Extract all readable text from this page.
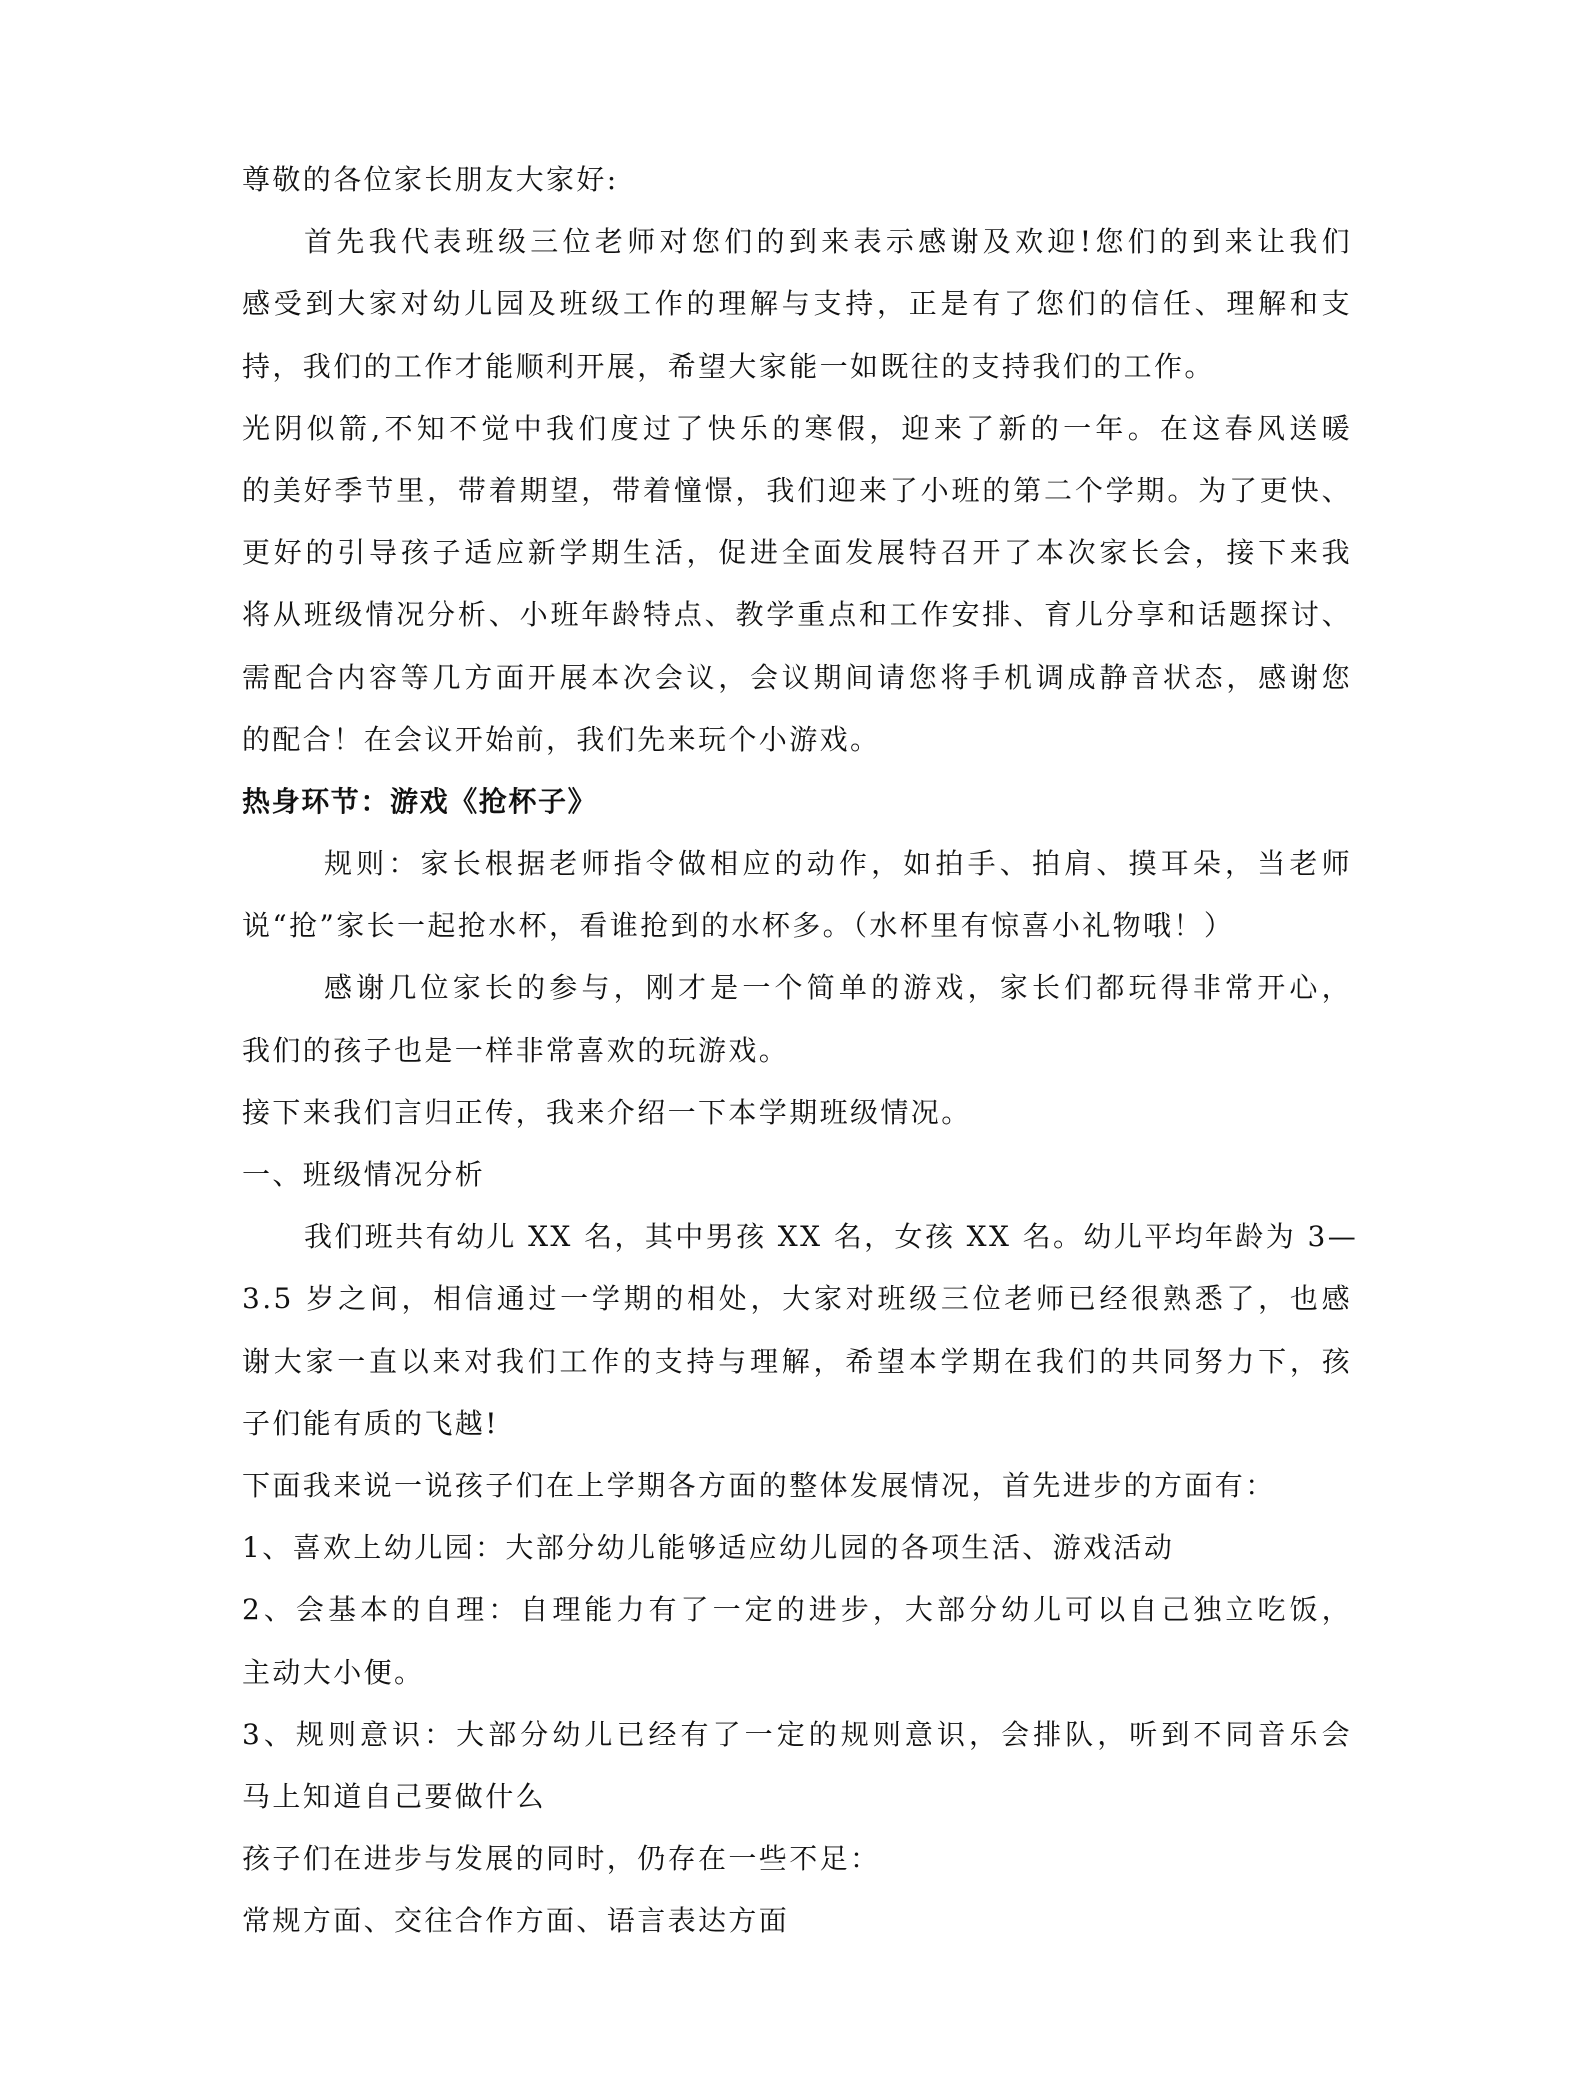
尊敬的各位家长朋友大家好:
首先我代表班级三位老师对您们的到来表示感谢及欢迎!您们的到来让我们
感受到大家对幼儿园及班级工作的理解与支持，正是有了您们的信任、理解和支
持，我们的工作才能顺利开展，希望大家能一如既往的支持我们的工作。
光阴似箭,不知不觉中我们度过了快乐的寒假，迎来了新的一年。在这春风送暖
的美好季节里，带着期望，带着憧憬，我们迎来了小班的第二个学期。为了更快、
更好的引导孩子适应新学期生活，促进全面发展特召开了本次家长会，接下来我
将从班级情况分析、小班年龄特点、教学重点和工作安排、育儿分享和话题探讨、
需配合内容等几方面开展本次会议，会议期间请您将手机调成静音状态，感谢您
的配合！在会议开始前，我们先来玩个小游戏。
热身环节：游戏《抢杯子》
规则：家长根据老师指令做相应的动作，如拍手、拍肩、摸耳朵，当老师
说“抢”家长一起抢水杯，看谁抢到的水杯多。（水杯里有惊喜小礼物哦！）
感谢几位家长的参与，刚才是一个简单的游戏，家长们都玩得非常开心，
我们的孩子也是一样非常喜欢的玩游戏。
接下来我们言归正传，我来介绍一下本学期班级情况。
一、班级情况分析
我们班共有幼儿 XX 名，其中男孩 XX 名，女孩 XX 名。幼儿平均年龄为 3—
3.5 岁之间，相信通过一学期的相处，大家对班级三位老师已经很熟悉了，也感
谢大家一直以来对我们工作的支持与理解，希望本学期在我们的共同努力下，孩
子们能有质的飞越!
下面我来说一说孩子们在上学期各方面的整体发展情况，首先进步的方面有：
1、喜欢上幼儿园：大部分幼儿能够适应幼儿园的各项生活、游戏活动
2、会基本的自理：自理能力有了一定的进步，大部分幼儿可以自己独立吃饭，
主动大小便。
3、规则意识：大部分幼儿已经有了一定的规则意识，会排队，听到不同音乐会
马上知道自己要做什么
孩子们在进步与发展的同时，仍存在一些不足：
常规方面、交往合作方面、语言表达方面
